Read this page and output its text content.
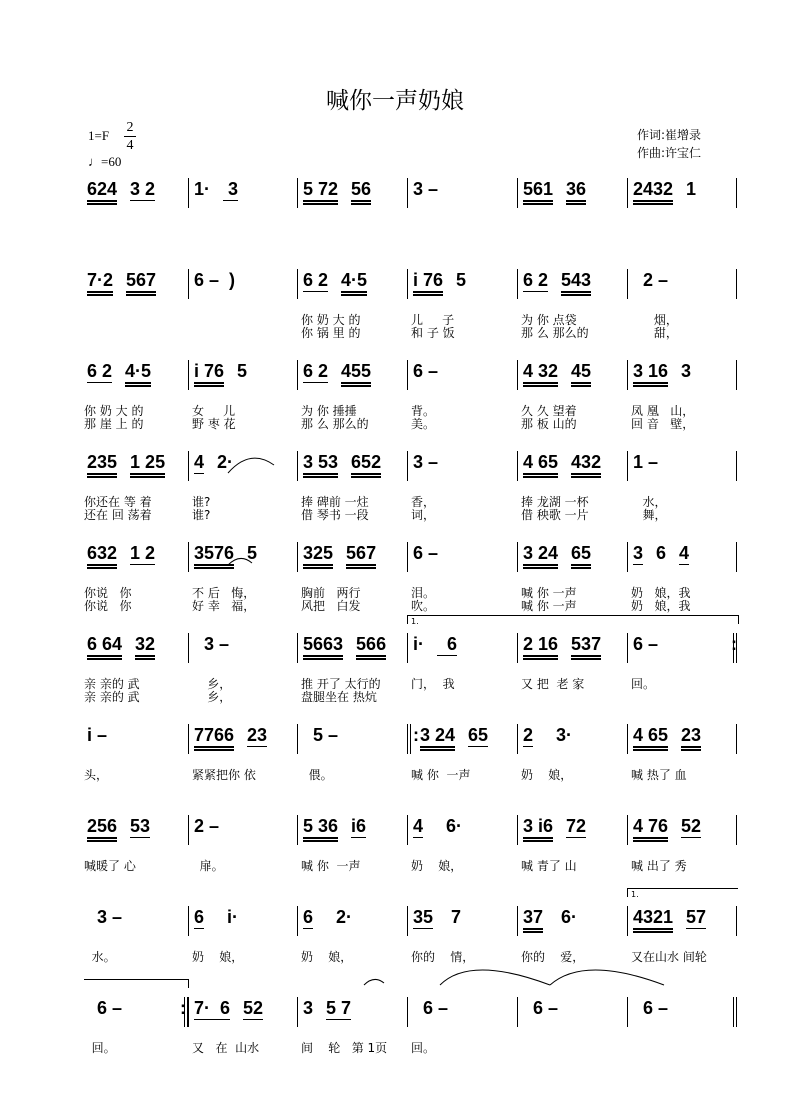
喊你一声奶娘
1=F
2
4
♩=60
作词:崔增录
作曲:许宝仁
624 3 2 1· 3	5 72 56 3 –	561 36	2432 1
7·2 567 6 –  )	6 2 4·5
你 奶 大 的
你 锅 里 的
i 76 5
儿     子
和 子 饭
6 2 543
为 你 点袋
那 么 那么的
2 –
烟，
甜，
6 2 4·5
你 奶 大 的
那 崖 上 的
i 76 5
女     儿
野 枣 花
6 2 455
为 你 捶捶
那 么 那么的
6 –
背。
美。
4 32 45
久 久 望着
那 板 山的
3 16 3
凤 凰   山，
回 音   壁，
235 1 25
你还在 等 着
还在 回 荡着
4 2·
谁?
谁?
3 53 652
捧 碑前 一炷
借 琴书 一段
3 –
香，
词，
4 65 432
捧 龙湖 一杯
借 秧歌 一片
1 –
水，
舞，
632 1 2
你说   你
你说   你
3576 5
不 后   悔，
好 幸   福，
325 567
胸前   两行
风把   白发
6 –
泪。
吹。
3 24 65
喊 你 一声
喊 你 一声
3 6 4
奶   娘，我
奶   娘，我
6 64 32
亲 亲的 武
亲 亲的 武
3 –
乡，
乡，
5663 566
推 开了 太行的
盘腿坐在 热炕
i· 6
门，  我
2 16 537
又 把  老 家
6 –	:
回。
i –
头，
7766 23
紧紧把你 依
5 –
偎。
: 3 24 65
喊 你  一声
2 3·
奶    娘，
4 65 23
喊 热了 血
256 53
喊暖了 心
2 –
扉。
5 36 i6
喊 你  一声
4 6·
奶    娘，
3 i6 72
喊 青了 山
4 76 52
喊 出了 秀
3 –
水。
6 i·
奶    娘，
6 2·
奶    娘，
35 7
你的    情，
37 6·
你的    爱，
4321 57
又在山水 间轮
6 –	:
回。
7·  6 52
又   在  山水
3 5 7
间    轮   第 1页
6 –
回。
6 –	6 –
1.
1.
